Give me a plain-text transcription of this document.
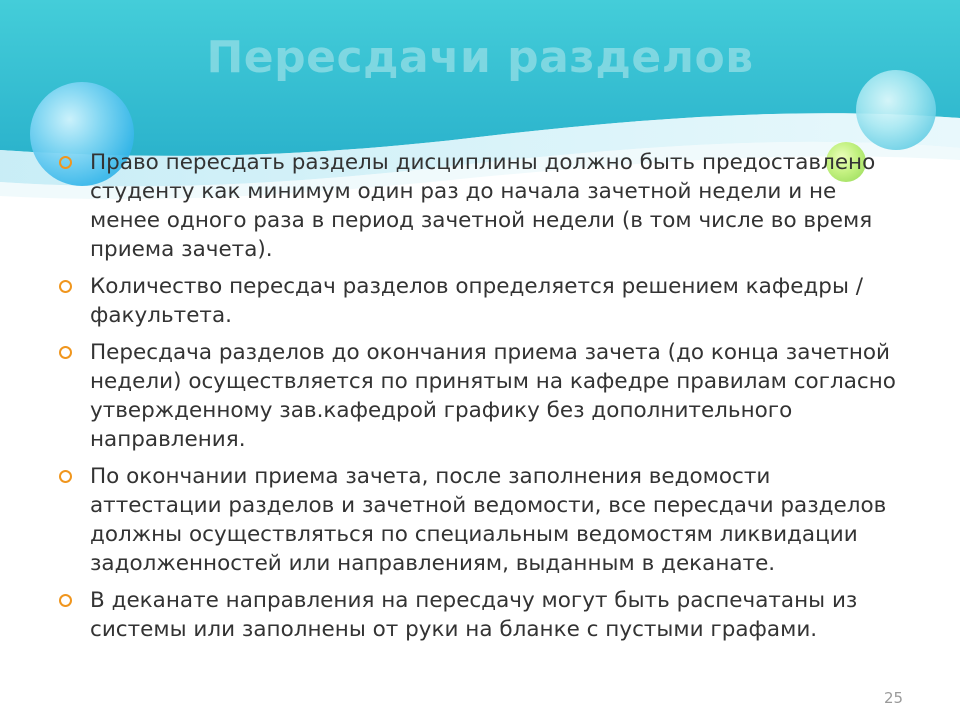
Пересдачи разделов
Право пересдать разделы дисциплины должно быть предоставлено студенту как минимум один раз до начала зачетной недели и не менее одного раза в период зачетной недели (в том числе во время приема зачета).
Количество пересдач разделов определяется решением кафедры / факультета.
Пересдача разделов до окончания приема зачета (до конца зачетной недели) осуществляется по принятым на кафедре правилам согласно утвержденному зав.кафедрой графику без дополнительного направления.
По окончании приема зачета, после заполнения ведомости аттестации разделов и зачетной ведомости, все пересдачи разделов должны осуществляться по специальным ведомостям ликвидации задолженностей или направлениям, выданным в деканате.
В деканате направления на пересдачу могут быть распечатаны из системы или заполнены от руки на бланке с пустыми графами.
25
